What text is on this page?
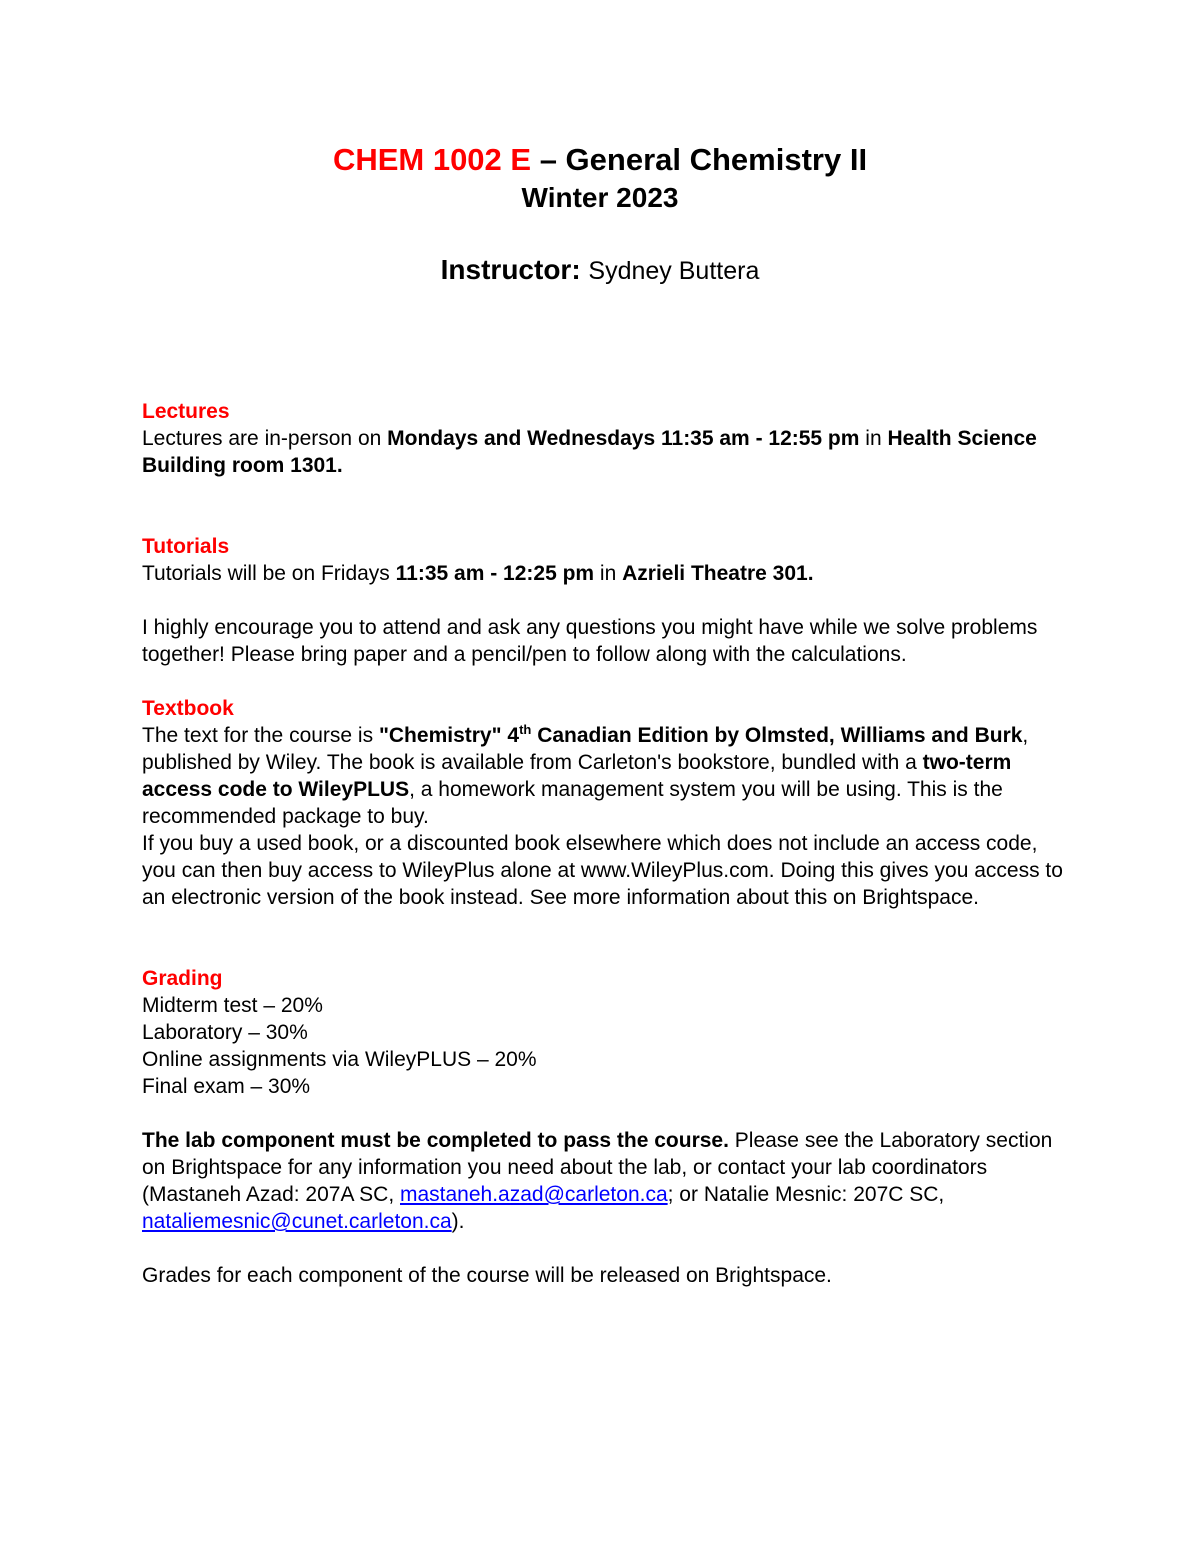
CHEM 1002 E – General Chemistry II

Winter 2023

Instructor: Sydney Buttera

Lectures

Lectures are in-person on Mondays and Wednesdays 11:35 am - 12:55 pm in Health Science Building room 1301.

Tutorials

Tutorials will be on Fridays 11:35 am - 12:25 pm in Azrieli Theatre 301.

I highly encourage you to attend and ask any questions you might have while we solve problems together! Please bring paper and a pencil/pen to follow along with the calculations.

Textbook

The text for the course is "Chemistry" 4th Canadian Edition by Olmsted, Williams and Burk, published by Wiley. The book is available from Carleton's bookstore, bundled with a two-term access code to WileyPLUS, a homework management system you will be using. This is the recommended package to buy.

If you buy a used book, or a discounted book elsewhere which does not include an access code, you can then buy access to WileyPlus alone at www.WileyPlus.com. Doing this gives you access to an electronic version of the book instead. See more information about this on Brightspace.

Grading

Midterm test – 20%

Laboratory – 30%

Online assignments via WileyPLUS – 20%

Final exam – 30%

The lab component must be completed to pass the course. Please see the Laboratory section on Brightspace for any information you need about the lab, or contact your lab coordinators (Mastaneh Azad: 207A SC, mastaneh.azad@carleton.ca; or Natalie Mesnic: 207C SC, nataliemesnic@cunet.carleton.ca).

Grades for each component of the course will be released on Brightspace.
